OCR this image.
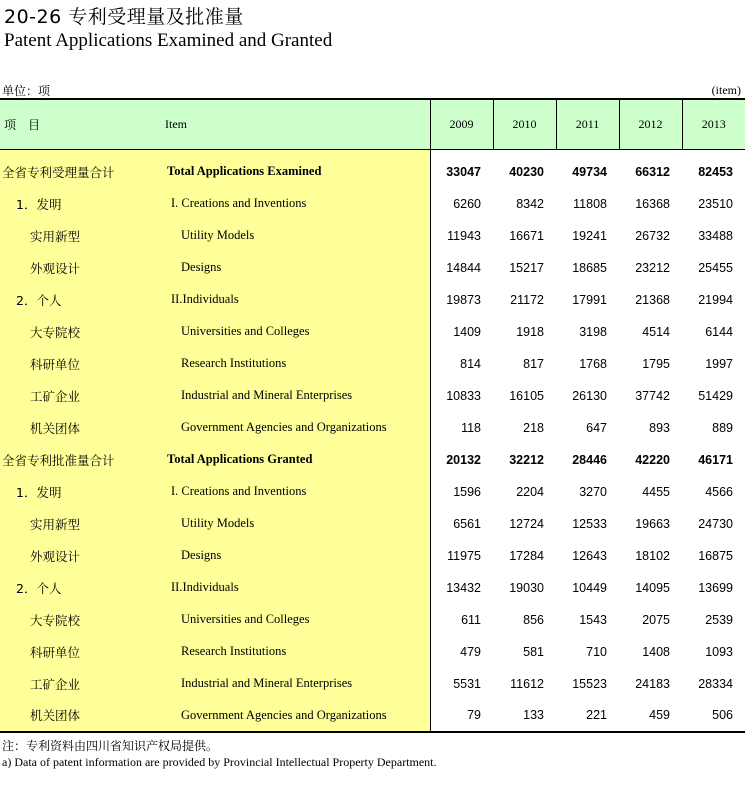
20-26 专利受理量及批准量
Patent Applications Examined and Granted
单位：项	(item)
项　目	Item	2009	2010	2011	2012	2013

全省专利受理量合计	Total Applications Examined	33047	40230	49734	66312	82453
1．发明	I. Creations and Inventions	6260	8342	11808	16368	23510
实用新型	Utility Models	11943	16671	19241	26732	33488
外观设计	Designs	14844	15217	18685	23212	25455
2．个人	II.Individuals	19873	21172	17991	21368	21994
大专院校	Universities and Colleges	1409	1918	3198	4514	6144
科研单位	Research Institutions	814	817	1768	1795	1997
工矿企业	Industrial and Mineral Enterprises	10833	16105	26130	37742	51429
机关团体	Government Agencies and Organizations	118	218	647	893	889
全省专利批准量合计	Total Applications Granted	20132	32212	28446	42220	46171
1．发明	I. Creations and Inventions	1596	2204	3270	4455	4566
实用新型	Utility Models	6561	12724	12533	19663	24730
外观设计	Designs	11975	17284	12643	18102	16875
2．个人	II.Individuals	13432	19030	10449	14095	13699
大专院校	Universities and Colleges	611	856	1543	2075	2539
科研单位	Research Institutions	479	581	710	1408	1093
工矿企业	Industrial and Mineral Enterprises	5531	11612	15523	24183	28334
机关团体	Government Agencies and Organizations	79	133	221	459	506
注：专利资料由四川省知识产权局提供。
a) Data of patent information are provided by Provincial Intellectual Property Department.
